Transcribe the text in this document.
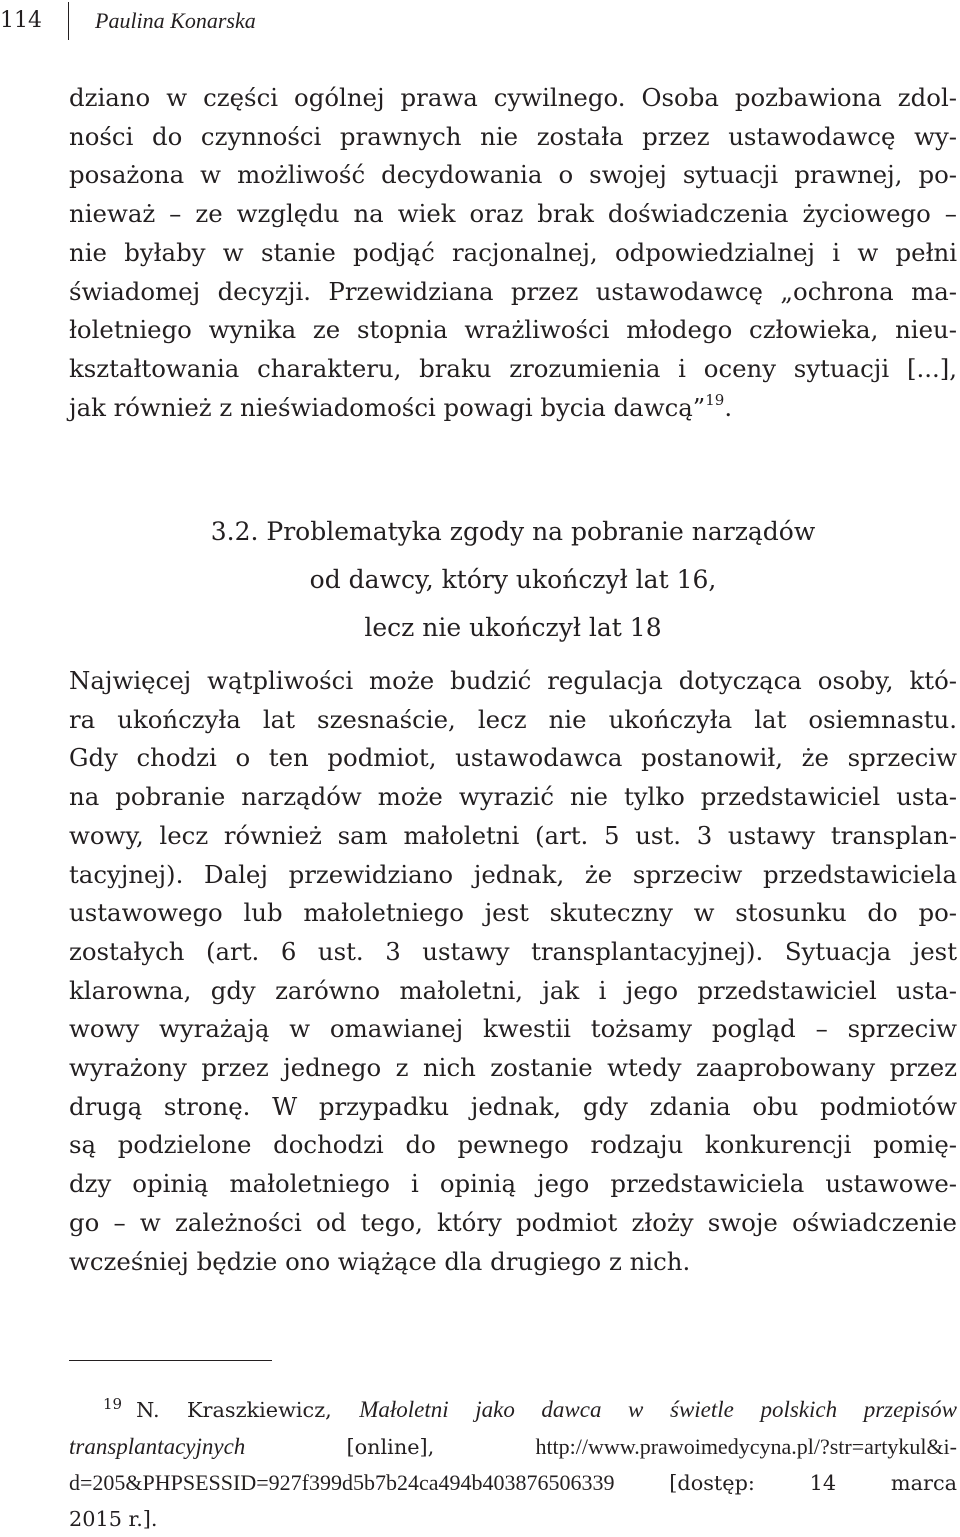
114 Paulina Konarska
dziano w części ogólnej prawa cywilnego. Osoba pozbawiona zdol-
ności do czynności prawnych nie została przez ustawodawcę wy-
posażona w możliwość decydowania o swojej sytuacji prawnej, po-
nieważ – ze względu na wiek oraz brak doświadczenia życiowego –
nie byłaby w stanie podjąć racjonalnej, odpowiedzialnej i w pełni
świadomej decyzji. Przewidziana przez ustawodawcę „ochrona ma-
łoletniego wynika ze stopnia wrażliwości młodego człowieka, nieu-
kształtowania charakteru, braku zrozumienia i oceny sytuacji [...],
jak również z nieświadomości powagi bycia dawcą”$^{19}$.
3.2. Problematyka zgody na pobranie narządów
od dawcy, który ukończył lat 16,
lecz nie ukończył lat 18
Najwięcej wątpliwości może budzić regulacja dotycząca osoby, któ-
ra ukończyła lat szesnaście, lecz nie ukończyła lat osiemnastu.
Gdy chodzi o ten podmiot, ustawodawca postanowił, że sprzeciw
na pobranie narządów może wyrazić nie tylko przedstawiciel usta-
wowy, lecz również sam małoletni (art. 5 ust. 3 ustawy transplan-
tacyjnej). Dalej przewidziano jednak, że sprzeciw przedstawiciela
ustawowego lub małoletniego jest skuteczny w stosunku do po-
zostałych (art. 6 ust. 3 ustawy transplantacyjnej). Sytuacja jest
klarowna, gdy zarówno małoletni, jak i jego przedstawiciel usta-
wowy wyrażają w omawianej kwestii tożsamy pogląd – sprzeciw
wyrażony przez jednego z nich zostanie wtedy zaaprobowany przez
drugą stronę. W przypadku jednak, gdy zdania obu podmiotów
są podzielone dochodzi do pewnego rodzaju konkurencji pomię-
dzy opinią małoletniego i opinią jego przedstawiciela ustawowe-
go – w zależności od tego, który podmiot złoży swoje oświadczenie
wcześniej będzie ono wiążące dla drugiego z nich.
$^{19}$ N. Kraszkiewicz, Małoletni jako dawca w świetle polskich przepisów
transplantacyjnych	[online],	http://www.prawoimedycyna.pl/?str=artykul&i-
d=205&PHPSESSID=927f399d5b7b24ca494b403876506339	[dostęp: 14 marca
2015 r.].
